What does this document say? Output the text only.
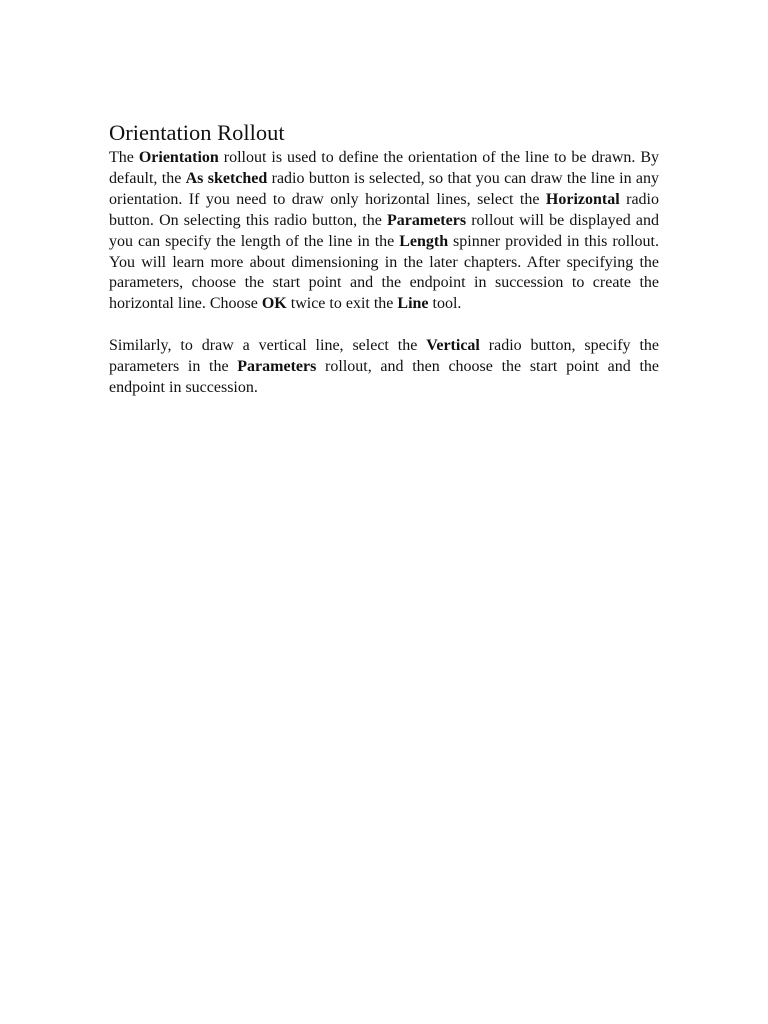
Orientation Rollout

The Orientation rollout is used to define the orientation of the line to be drawn. By default, the As sketched radio button is selected, so that you can draw the line in any orientation. If you need to draw only horizontal lines, select the Horizontal radio button. On selecting this radio button, the Parameters rollout will be displayed and you can specify the length of the line in the Length spinner provided in this rollout. You will learn more about dimensioning in the later chapters. After specifying the parameters, choose the start point and the endpoint in succession to create the horizontal line. Choose OK twice to exit the Line tool.

Similarly, to draw a vertical line, select the Vertical radio button, specify the parameters in the Parameters rollout, and then choose the start point and the endpoint in succession.
